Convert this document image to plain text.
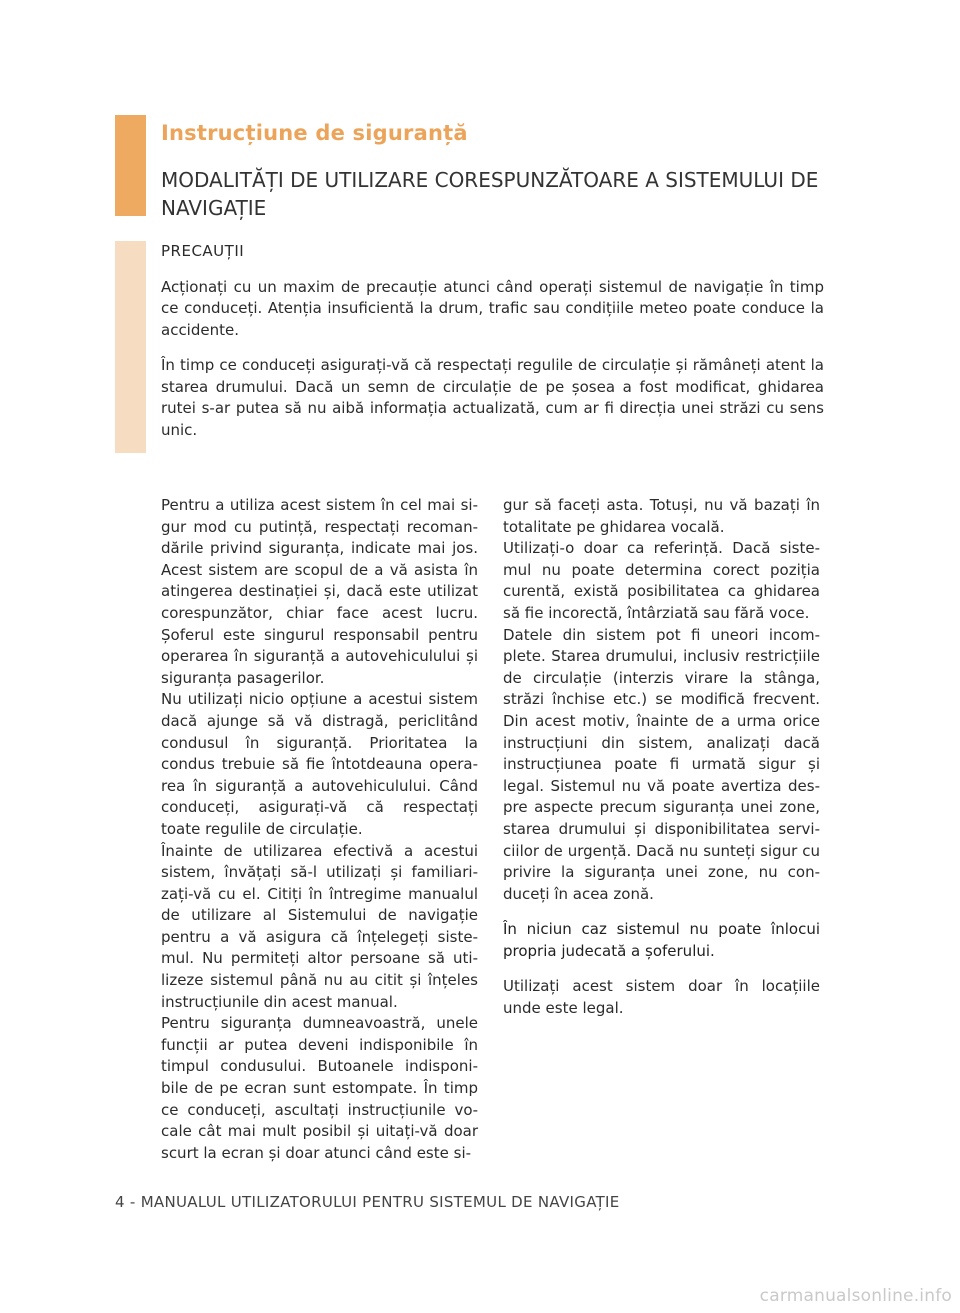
Instrucțiune de siguranță
MODALITĂȚI DE UTILIZARE CORESPUNZĂTOARE A SISTEMULUI DE NAVIGAȚIE
PRECAUȚII

Acționați cu un maxim de precauție atunci când operați sistemul de navigație în timp ce conduceți. Atenția insuficientă la drum, trafic sau condițiile meteo poate conduce la accidente.

În timp ce conduceți asigurați-vă că respectați regulile de circulație și rămâneți atent la starea drumului. Dacă un semn de circulație de pe șosea a fost modificat, ghidarea rutei s-ar putea să nu aibă informația actualizată, cum ar fi direcția unei străzi cu sens unic.

Pentru a utiliza acest sistem în cel mai sigur mod cu putință, respectați recomandările privind siguranța, indicate mai jos. Acest sistem are scopul de a vă asista în atingerea destinației și, dacă este utilizat corespunzător, chiar face acest lucru. Șoferul este singurul responsabil pentru operarea în siguranță a autovehiculului și siguranța pasagerilor.

Nu utilizați nicio opțiune a acestui sistem dacă ajunge să vă distragă, periclitând condusul în siguranță. Prioritatea la condus trebuie să fie întotdeauna operarea în siguranță a autovehiculului. Când conduceți, asigurați-vă că respectați toate regulile de circulație.

Înainte de utilizarea efectivă a acestui sistem, învățați să-l utilizați și familiarizați-vă cu el. Citiți în întregime manualul de utilizare al Sistemului de navigație pentru a vă asigura că înțelegeți sistemul. Nu permiteți altor persoane să utilizeze sistemul până nu au citit și înțeles instrucțiunile din acest manual.

Pentru siguranța dumneavoastră, unele funcții ar putea deveni indisponibile în timpul condusului. Butoanele indisponibile de pe ecran sunt estompate. În timp ce conduceți, ascultați instrucțiunile vocale cât mai mult posibil și uitați-vă doar scurt la ecran și doar atunci când este si-

gur să faceți asta. Totuși, nu vă bazați în totalitate pe ghidarea vocală.

Utilizați-o doar ca referință. Dacă sistemul nu poate determina corect poziția curentă, există posibilitatea ca ghidarea să fie incorectă, întârziată sau fără voce.

Datele din sistem pot fi uneori incomplete. Starea drumului, inclusiv restricțiile de circulație (interzis virare la stânga, străzi închise etc.) se modifică frecvent. Din acest motiv, înainte de a urma orice instrucțiuni din sistem, analizați dacă instrucțiunea poate fi urmată sigur și legal. Sistemul nu vă poate avertiza despre aspecte precum siguranța unei zone, starea drumului și disponibilitatea serviciilor de urgență. Dacă nu sunteți sigur cu privire la siguranța unei zone, nu conduceți în acea zonă.

În niciun caz sistemul nu poate înlocui propria judecată a șoferului.

Utilizați acest sistem doar în locațiile unde este legal.

4 - MANUALUL UTILIZATORULUI PENTRU SISTEMUL DE NAVIGAȚIE
carmanualsonline.info
